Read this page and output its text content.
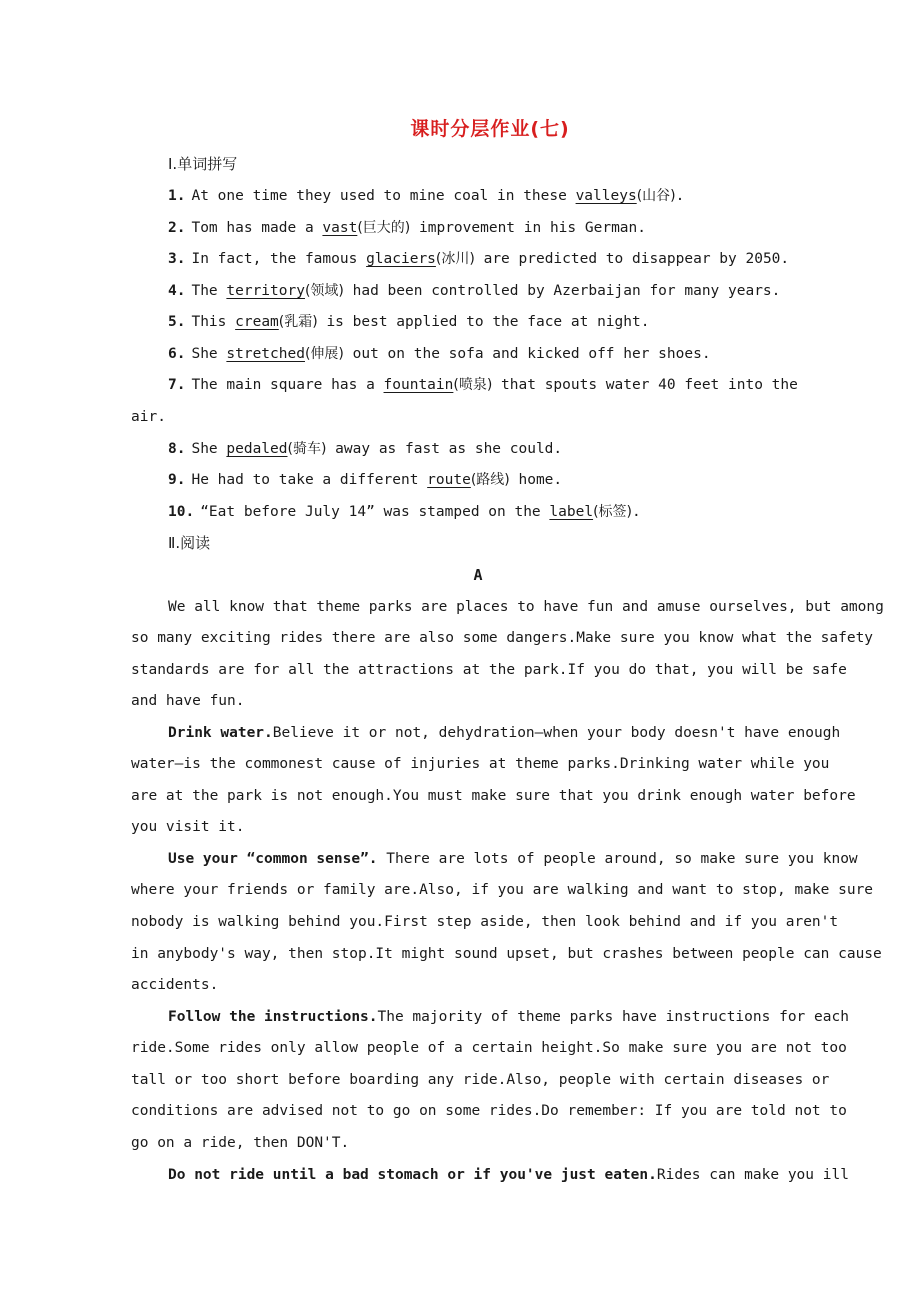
课时分层作业(七)
Ⅰ.单词拼写
1. At one time they used to mine coal in these valleys(山谷).
2. Tom has made a vast(巨大的) improvement in his German.
3. In fact, the famous glaciers(冰川) are predicted to disappear by 2050.
4. The territory(领域) had been controlled by Azerbaijan for many years.
5. This cream(乳霜) is best applied to the face at night.
6. She stretched(伸展) out on the sofa and kicked off her shoes.
7. The main square has a fountain(喷泉) that spouts water 40 feet into the
air.
8. She pedaled(骑车) away as fast as she could.
9. He had to take a different route(路线) home.
10. “Eat before July 14” was stamped on the label(标签).
Ⅱ.阅读
A
We all know that theme parks are places to have fun and amuse ourselves, but among
so many exciting rides there are also some dangers.Make sure you know what the safety
standards are for all the attractions at the park.If you do that, you will be safe
and have fun.
Drink water.Believe it or not, dehydration—when your body doesn't have enough
water—is the commonest cause of injuries at theme parks.Drinking water while you
are at the park is not enough.You must make sure that you drink enough water before
you visit it.
Use your “common sense”. There are lots of people around, so make sure you know
where your friends or family are.Also, if you are walking and want to stop, make sure
nobody is walking behind you.First step aside, then look behind and if you aren't
in anybody's way, then stop.It might sound upset, but crashes between people can cause
accidents.
Follow the instructions.The majority of theme parks have instructions for each
ride.Some rides only allow people of a certain height.So make sure you are not too
tall or too short before boarding any ride.Also, people with certain diseases or
conditions are advised not to go on some rides.Do remember: If you are told not to
go on a ride, then DON'T.
Do not ride until a bad stomach or if you've just eaten.Rides can make you ill
